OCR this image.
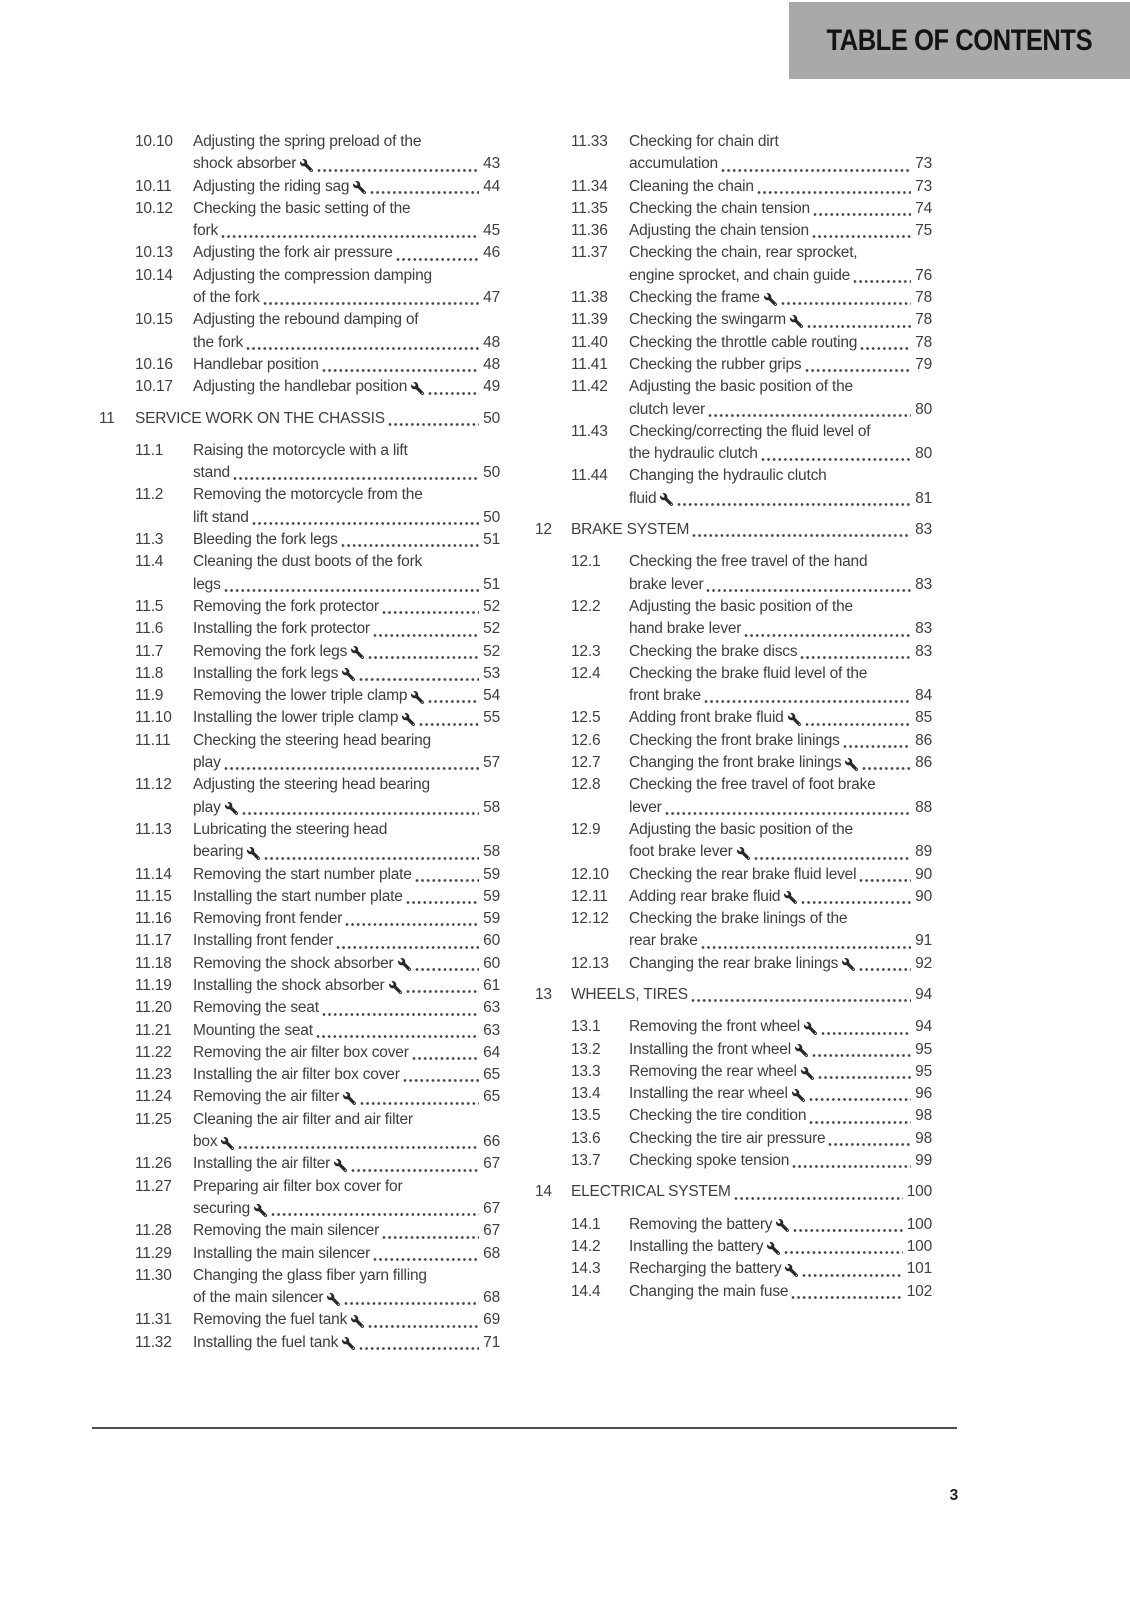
TABLE OF CONTENTS
10.10	Adjusting the spring preload of the
shock absorber	43
10.11	Adjusting the riding sag	44
10.12	Checking the basic setting of the
fork	45
10.13	Adjusting the fork air pressure	46
10.14	Adjusting the compression damping
of the fork	47
10.15	Adjusting the rebound damping of
the fork	48
10.16	Handlebar position	48
10.17	Adjusting the handlebar position	49
11	SERVICE WORK ON THE CHASSIS	50
11.1	Raising the motorcycle with a lift
stand	50
11.2	Removing the motorcycle from the
lift stand	50
11.3	Bleeding the fork legs	51
11.4	Cleaning the dust boots of the fork
legs	51
11.5	Removing the fork protector	52
11.6	Installing the fork protector	52
11.7	Removing the fork legs	52
11.8	Installing the fork legs	53
11.9	Removing the lower triple clamp	54
11.10	Installing the lower triple clamp	55
11.11	Checking the steering head bearing
play	57
11.12	Adjusting the steering head bearing
play	58
11.13	Lubricating the steering head
bearing	58
11.14	Removing the start number plate	59
11.15	Installing the start number plate	59
11.16	Removing front fender	59
11.17	Installing front fender	60
11.18	Removing the shock absorber	60
11.19	Installing the shock absorber	61
11.20	Removing the seat	63
11.21	Mounting the seat	63
11.22	Removing the air filter box cover	64
11.23	Installing the air filter box cover	65
11.24	Removing the air filter	65
11.25	Cleaning the air filter and air filter
box	66
11.26	Installing the air filter	67
11.27	Preparing air filter box cover for
securing	67
11.28	Removing the main silencer	67
11.29	Installing the main silencer	68
11.30	Changing the glass fiber yarn filling
of the main silencer	68
11.31	Removing the fuel tank	69
11.32	Installing the fuel tank	71
11.33	Checking for chain dirt
accumulation	73
11.34	Cleaning the chain	73
11.35	Checking the chain tension	74
11.36	Adjusting the chain tension	75
11.37	Checking the chain, rear sprocket,
engine sprocket, and chain guide	76
11.38	Checking the frame	78
11.39	Checking the swingarm	78
11.40	Checking the throttle cable routing	78
11.41	Checking the rubber grips	79
11.42	Adjusting the basic position of the
clutch lever	80
11.43	Checking/correcting the fluid level of
the hydraulic clutch	80
11.44	Changing the hydraulic clutch
fluid	81
12	BRAKE SYSTEM	83
12.1	Checking the free travel of the hand
brake lever	83
12.2	Adjusting the basic position of the
hand brake lever	83
12.3	Checking the brake discs	83
12.4	Checking the brake fluid level of the
front brake	84
12.5	Adding front brake fluid	85
12.6	Checking the front brake linings	86
12.7	Changing the front brake linings	86
12.8	Checking the free travel of foot brake
lever	88
12.9	Adjusting the basic position of the
foot brake lever	89
12.10	Checking the rear brake fluid level	90
12.11	Adding rear brake fluid	90
12.12	Checking the brake linings of the
rear brake	91
12.13	Changing the rear brake linings	92
13	WHEELS, TIRES	94
13.1	Removing the front wheel	94
13.2	Installing the front wheel	95
13.3	Removing the rear wheel	95
13.4	Installing the rear wheel	96
13.5	Checking the tire condition	98
13.6	Checking the tire air pressure	98
13.7	Checking spoke tension	99
14	ELECTRICAL SYSTEM	100
14.1	Removing the battery	100
14.2	Installing the battery	100
14.3	Recharging the battery	101
14.4	Changing the main fuse	102
3
